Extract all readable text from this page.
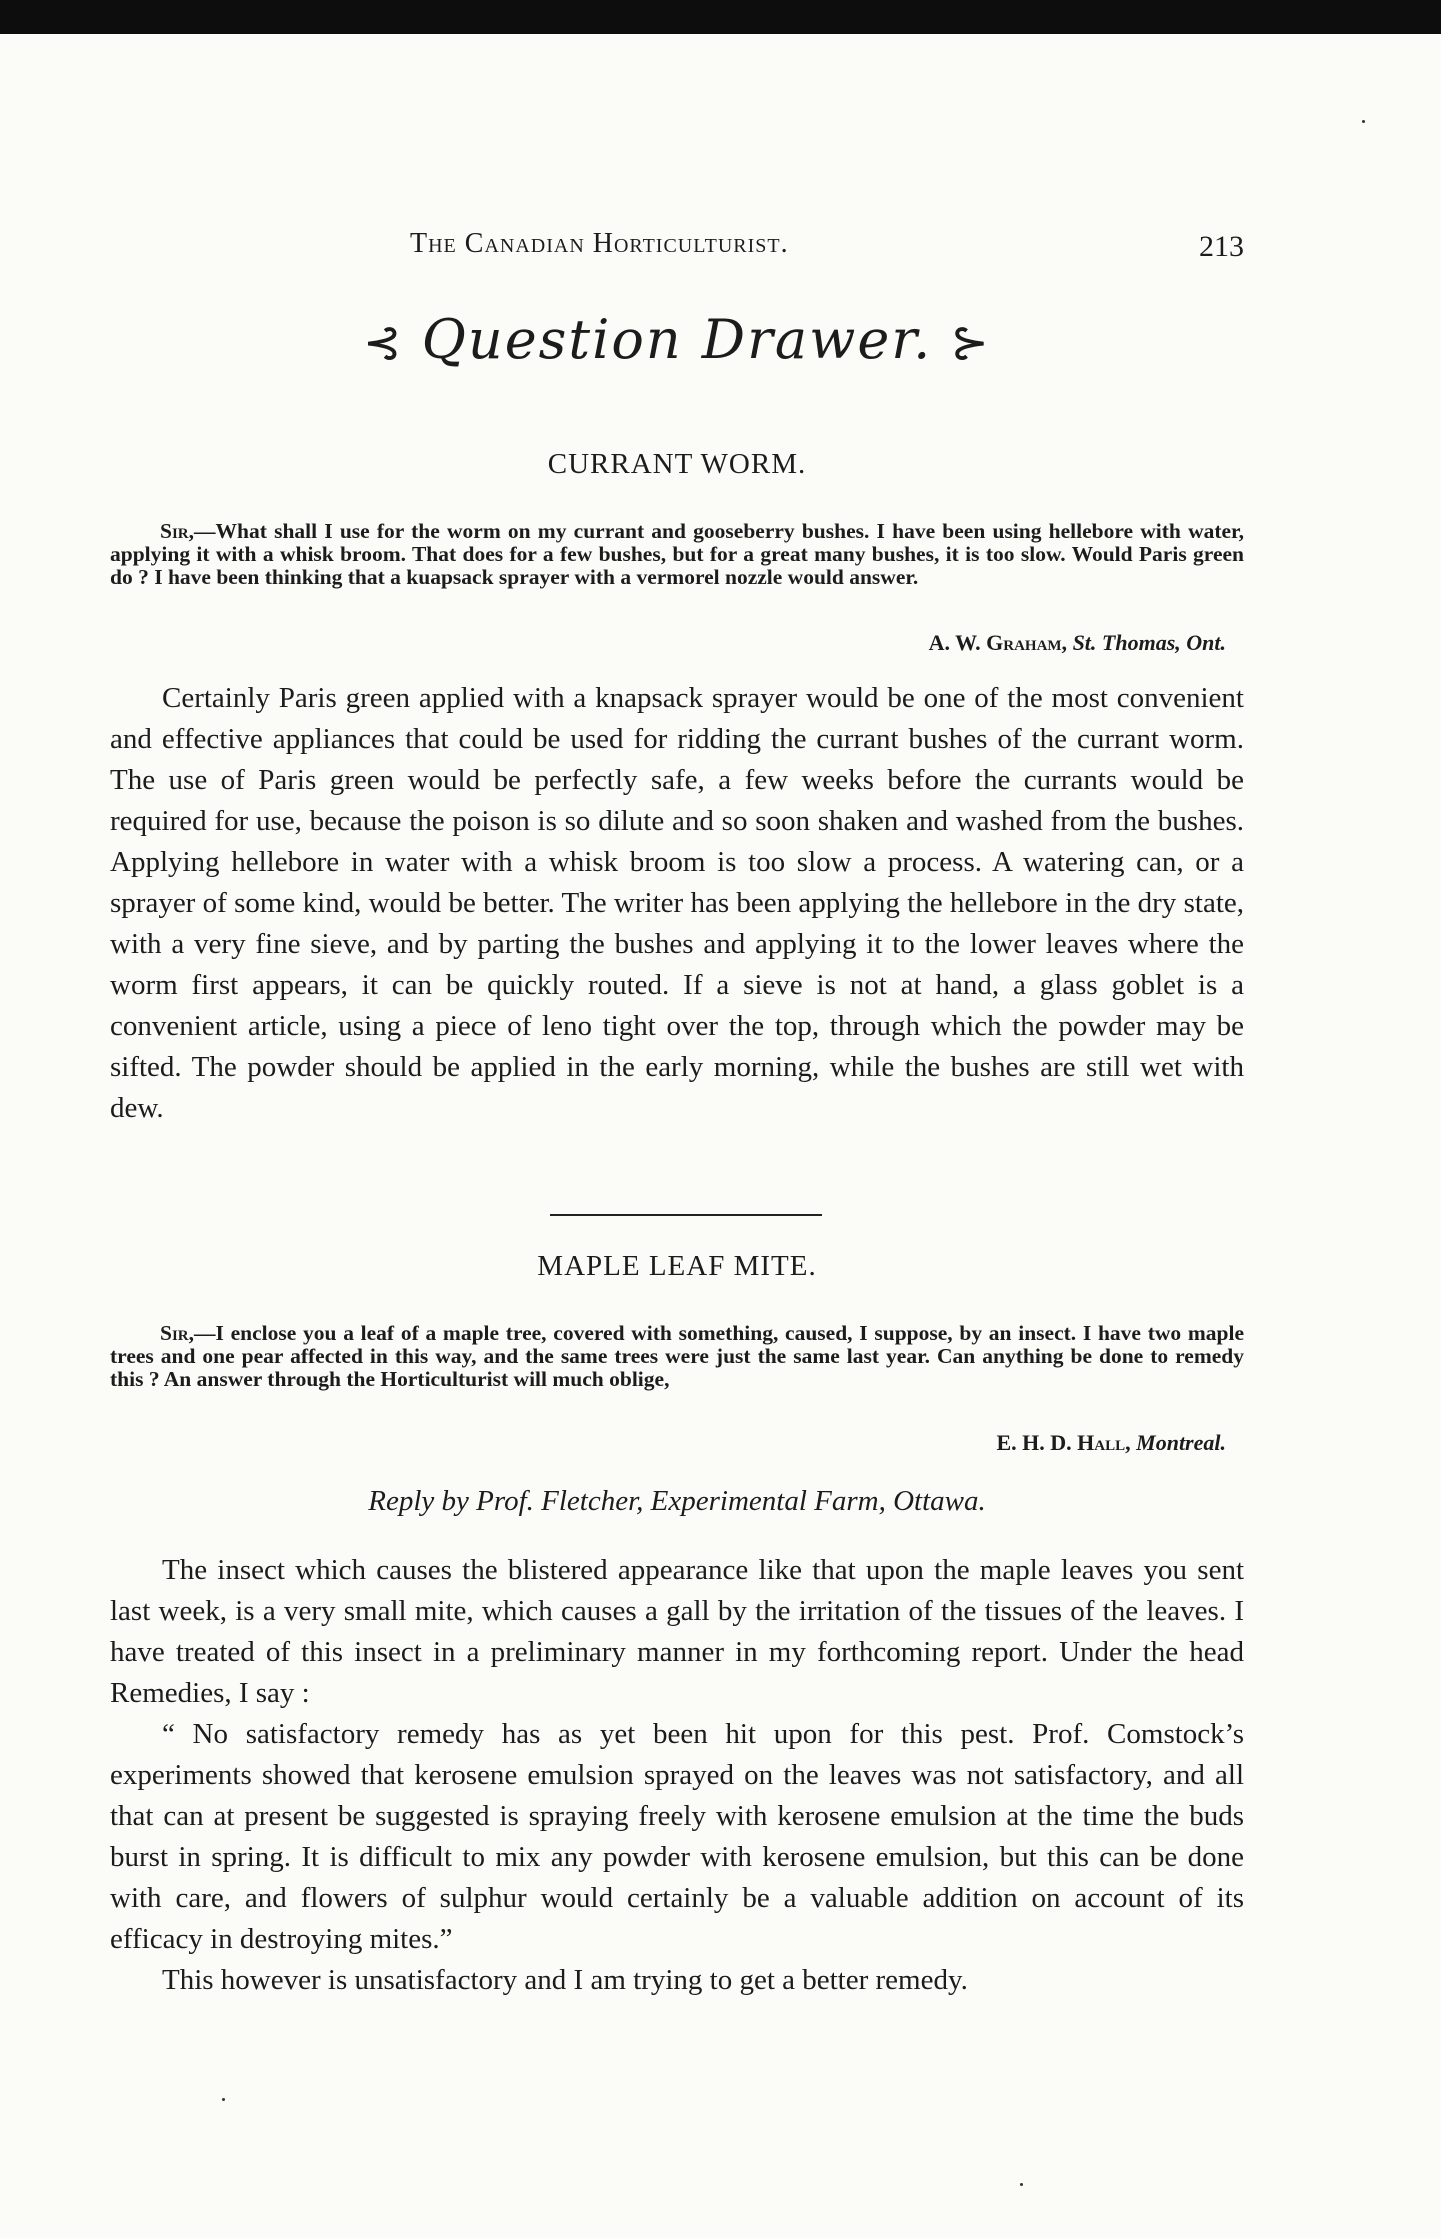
The Canadian Horticulturist.	213
⊰ Question Drawer. ⊱
CURRANT WORM.

Sir,—What shall I use for the worm on my currant and gooseberry bushes. I have been using hellebore with water, applying it with a whisk broom. That does for a few bushes, but for a great many bushes, it is too slow. Would Paris green do ? I have been thinking that a kuapsack sprayer with a vermorel nozzle would answer.

A. W. Graham, St. Thomas, Ont.

Certainly Paris green applied with a knapsack sprayer would be one of the most convenient and effective appliances that could be used for ridding the currant bushes of the currant worm. The use of Paris green would be perfectly safe, a few weeks before the currants would be required for use, because the poison is so dilute and so soon shaken and washed from the bushes. Applying hellebore in water with a whisk broom is too slow a process. A watering can, or a sprayer of some kind, would be better. The writer has been applying the hellebore in the dry state, with a very fine sieve, and by parting the bushes and applying it to the lower leaves where the worm first appears, it can be quickly routed. If a sieve is not at hand, a glass goblet is a convenient article, using a piece of leno tight over the top, through which the powder may be sifted. The powder should be applied in the early morning, while the bushes are still wet with dew.

MAPLE LEAF MITE.

Sir,—I enclose you a leaf of a maple tree, covered with something, caused, I suppose, by an insect. I have two maple trees and one pear affected in this way, and the same trees were just the same last year. Can anything be done to remedy this ? An answer through the Horticulturist will much oblige,

E. H. D. Hall, Montreal.
Reply by Prof. Fletcher, Experimental Farm, Ottawa.

The insect which causes the blistered appearance like that upon the maple leaves you sent last week, is a very small mite, which causes a gall by the irritation of the tissues of the leaves. I have treated of this insect in a preliminary manner in my forthcoming report. Under the head Remedies, I say :

“ No satisfactory remedy has as yet been hit upon for this pest. Prof. Comstock’s experiments showed that kerosene emulsion sprayed on the leaves was not satisfactory, and all that can at present be suggested is spraying freely with kerosene emulsion at the time the buds burst in spring. It is difficult to mix any powder with kerosene emulsion, but this can be done with care, and flowers of sulphur would certainly be a valuable addition on account of its efficacy in destroying mites.”

This however is unsatisfactory and I am trying to get a better remedy.
